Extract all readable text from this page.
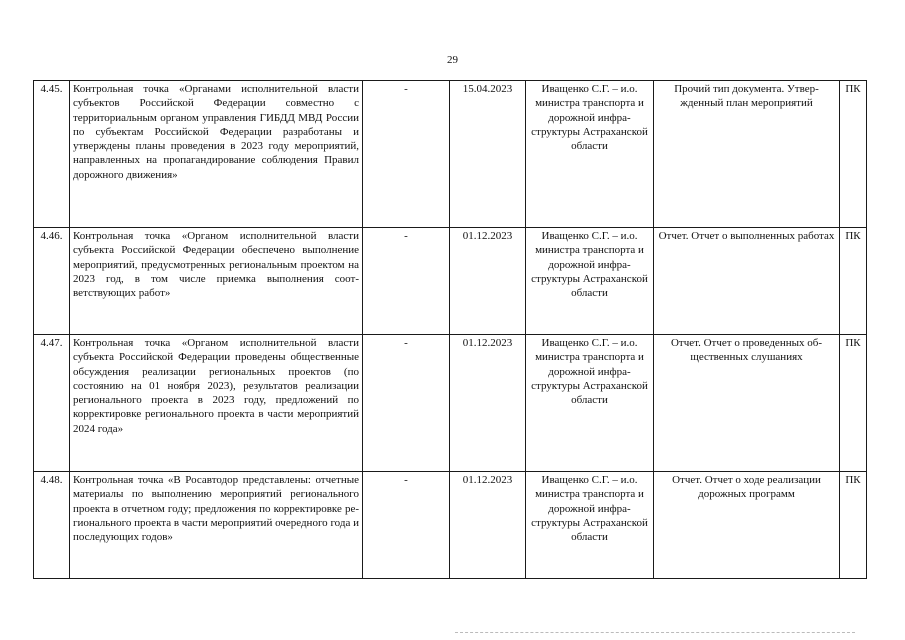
29
4.45.	Контрольная точка «Органами исполнительной власти субъектов Российской Федерации совместно с территориальным органом управления ГИБДД МВД России по субъектам Российской Федерации разработаны и утверждены планы проведения в 2023 году мероприятий, направленных на пропагандирование соблюдения Правил дорожного движения»	-	15.04.2023	Иващенко С.Г. – и.о. министра транспорта и дорожной инфраструктуры Астраханской области	Прочий тип документа. Утвержденный план мероприятий	ПК
4.46.	Контрольная точка «Органом исполнительной власти субъекта Российской Федерации обеспечено выполнение мероприятий, предусмотренных региональным проектом на 2023 год, в том числе приемка выполнения соответствующих работ»	-	01.12.2023	Иващенко С.Г. – и.о. министра транспорта и дорожной инфраструктуры Астраханской области	Отчет. Отчет о выполненных работах	ПК
4.47.	Контрольная точка «Органом исполнительной власти субъекта Российской Федерации проведены общественные обсуждения реализации региональных проектов (по состоянию на 01 ноября 2023), результатов реализации регионального проекта в 2023 году, предложений по корректировке регионального проекта в части мероприятий 2024 года»	-	01.12.2023	Иващенко С.Г. – и.о. министра транспорта и дорожной инфраструктуры Астраханской области	Отчет. Отчет о проведенных общественных слушаниях	ПК
4.48.	Контрольная точка «В Росавтодор представлены: отчетные материалы по выполнению мероприятий регионального проекта в отчетном году; предложения по корректировке регионального проекта в части мероприятий очередного года и последующих годов»	-	01.12.2023	Иващенко С.Г. – и.о. министра транспорта и дорожной инфраструктуры Астраханской области	Отчет. Отчет о ходе реализации дорожных программ	ПК
